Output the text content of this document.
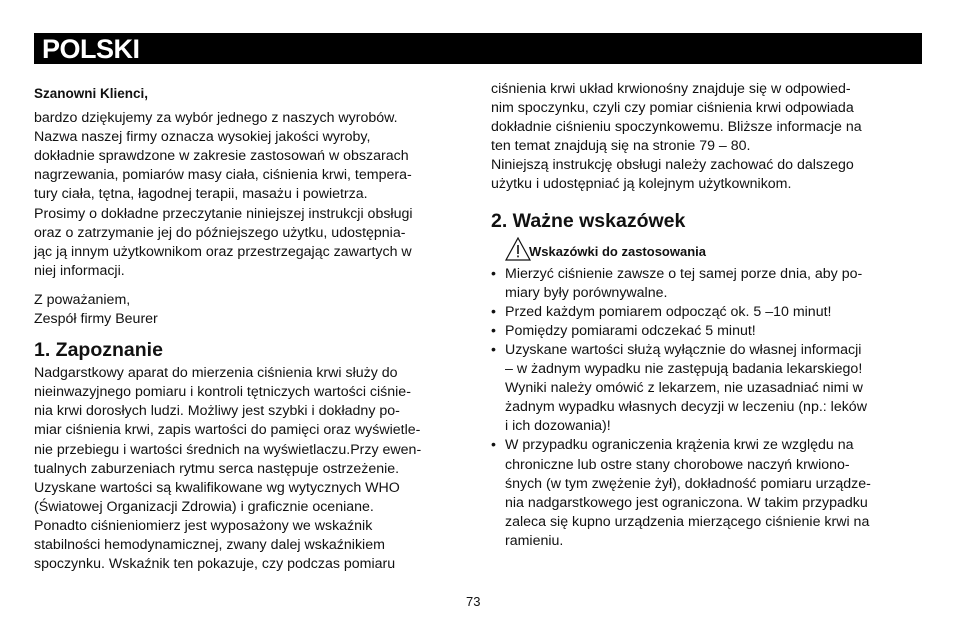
POLSKI
Szanowni Klienci,
bardzo dziękujemy za wybór jednego z naszych wyrobów.
Nazwa naszej firmy oznacza wysokiej jakości wyroby,
dokładnie sprawdzone w zakresie zastosowań w obszarach
nagrzewania, pomiarów masy ciała, ciśnienia krwi, tempera-
tury ciała, tętna, łagodnej terapii, masażu i powietrza.
Prosimy o dokładne przeczytanie niniejszej instrukcji obsługi
oraz o zatrzymanie jej do późniejszego użytku, udostępnia-
jąc ją innym użytkownikom oraz przestrzegając zawartych w
niej informacji.
Z poważaniem,
Zespół firmy Beurer
1. Zapoznanie
Nadgarstkowy aparat do mierzenia ciśnienia krwi służy do
nieinwazyjnego pomiaru i kontroli tętniczych wartości ciśnie-
nia krwi dorosłych ludzi. Możliwy jest szybki i dokładny po-
miar ciśnienia krwi, zapis wartości do pamięci oraz wyświetle-
nie przebiegu i wartości średnich na wyświetlaczu.Przy ewen-
tualnych zaburzeniach rytmu serca następuje ostrzeżenie.
Uzyskane wartości są kwalifikowane wg wytycznych WHO
(Światowej Organizacji Zdrowia) i graficznie oceniane.
Ponadto ciśnieniomierz jest wyposażony we wskaźnik
stabilności hemodynamicznej, zwany dalej wskaźnikiem
spoczynku. Wskaźnik ten pokazuje, czy podczas pomiaru
ciśnienia krwi układ krwionośny znajduje się w odpowied-
nim spoczynku, czyli czy pomiar ciśnienia krwi odpowiada
dokładnie ciśnieniu spoczynkowemu. Bliższe informacje na
ten temat znajdują się na stronie 79 – 80.
Niniejszą instrukcję obsługi należy zachować do dalszego
użytku i udostępniać ją kolejnym użytkownikom.
2. Ważne wskazówek
Wskazówki do zastosowania
• Mierzyć ciśnienie zawsze o tej samej porze dnia, aby po-
miary były porównywalne.
• Przed każdym pomiarem odpocząć ok. 5 –10 minut!
• Pomiędzy pomiarami odczekać 5 minut!
• Uzyskane wartości służą wyłącznie do własnej informacji
– w żadnym wypadku nie zastępują badania lekarskiego!
Wyniki należy omówić z lekarzem, nie uzasadniać nimi w
żadnym wypadku własnych decyzji w leczeniu (np.: leków
i ich dozowania)!
• W przypadku ograniczenia krążenia krwi ze względu na
chroniczne lub ostre stany chorobowe naczyń krwiono-
śnych (w tym zwężenie żył), dokładność pomiaru urządze-
nia nadgarstkowego jest ograniczona. W takim przypadku
zaleca się kupno urządzenia mierzącego ciśnienie krwi na
ramieniu.
73
